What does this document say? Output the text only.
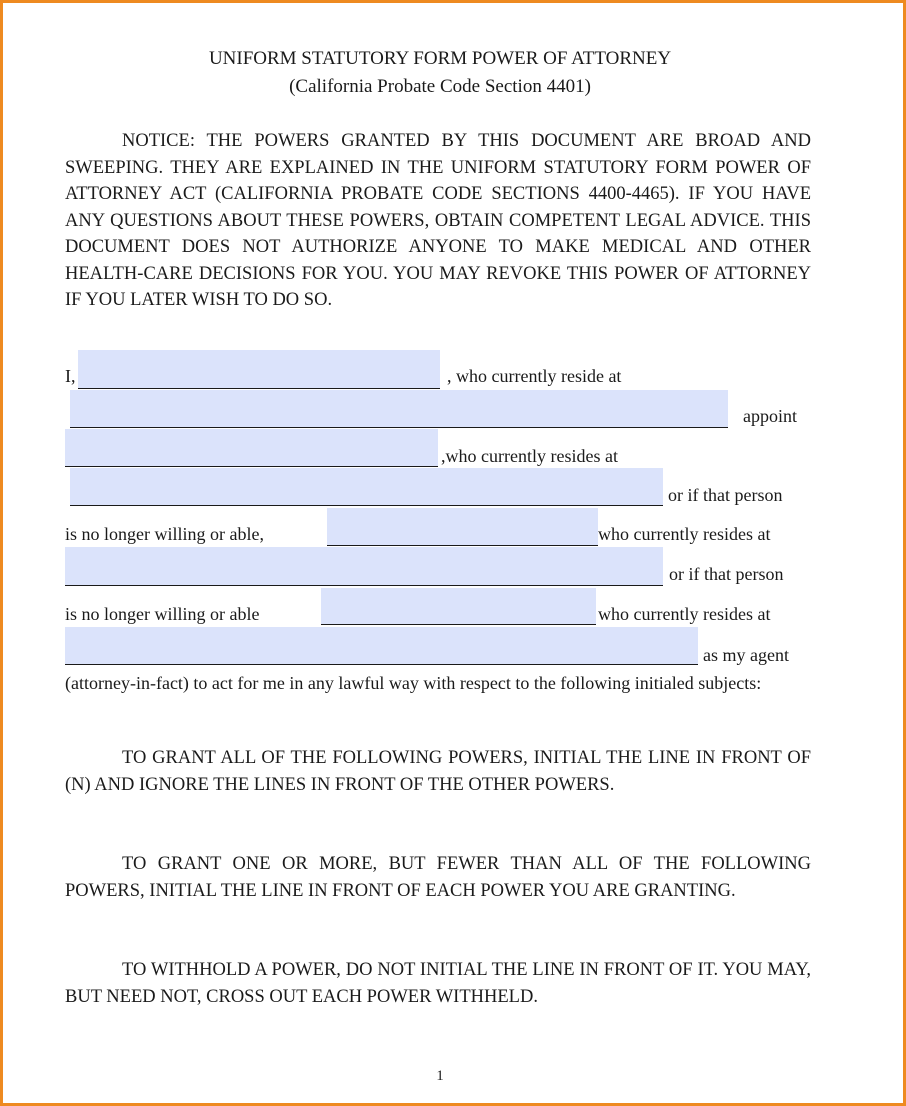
UNIFORM STATUTORY FORM POWER OF ATTORNEY
(California Probate Code Section 4401)
NOTICE: THE POWERS GRANTED BY THIS DOCUMENT ARE BROAD AND SWEEPING. THEY ARE EXPLAINED IN THE UNIFORM STATUTORY FORM POWER OF ATTORNEY ACT (CALIFORNIA PROBATE CODE SECTIONS 4400-4465). IF YOU HAVE ANY QUESTIONS ABOUT THESE POWERS, OBTAIN COMPETENT LEGAL ADVICE. THIS DOCUMENT DOES NOT AUTHORIZE ANYONE TO MAKE MEDICAL AND OTHER HEALTH-CARE DECISIONS FOR YOU. YOU MAY REVOKE THIS POWER OF ATTORNEY IF YOU LATER WISH TO DO SO.
I,	, who currently reside at
appoint
,who currently resides at
or if that person
is no longer willing or able,	who currently resides at
or if that person
is no longer willing or able	who currently resides at
as my agent
(attorney-in-fact) to act for me in any lawful way with respect to the following initialed subjects:
TO GRANT ALL OF THE FOLLOWING POWERS, INITIAL THE LINE IN FRONT OF (N) AND IGNORE THE LINES IN FRONT OF THE OTHER POWERS.
TO GRANT ONE OR MORE, BUT FEWER THAN ALL OF THE FOLLOWING POWERS, INITIAL THE LINE IN FRONT OF EACH POWER YOU ARE GRANTING.
TO WITHHOLD A POWER, DO NOT INITIAL THE LINE IN FRONT OF IT. YOU MAY, BUT NEED NOT, CROSS OUT EACH POWER WITHHELD.
1
